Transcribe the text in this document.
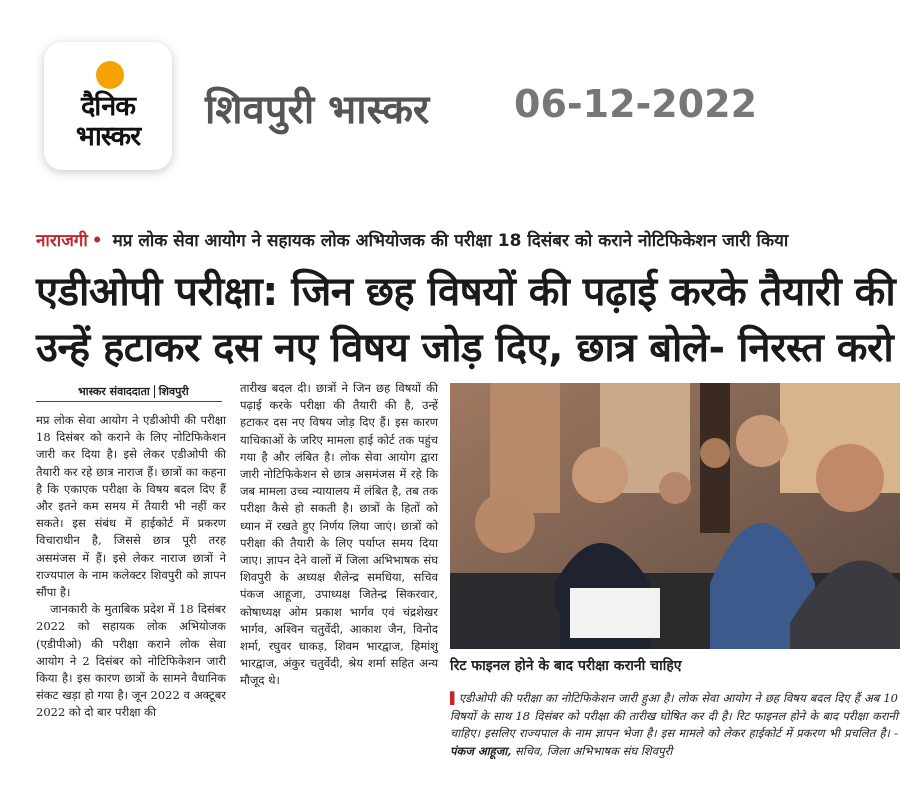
दैनिक
भास्कर
शिवपुरी भास्कर 06-12-2022
नाराजगी • मप्र लोक सेवा आयोग ने सहायक लोक अभियोजक की परीक्षा 18 दिसंबर को कराने नोटिफिकेशन जारी किया
एडीओपी परीक्षा: जिन छह विषयों की पढ़ाई करके तैयारी की
उन्हें हटाकर दस नए विषय जोड़ दिए, छात्र बोले- निरस्त करो
भास्कर संवाददाता शिवपुरी

मप्र लोक सेवा आयोग ने एडीओपी की परीक्षा 18 दिसंबर को कराने के लिए नोटिफिकेशन जारी कर दिया है। इसे लेकर एडीओपी की तैयारी कर रहे छात्र नाराज हैं। छात्रों का कहना है कि एकाएक परीक्षा के विषय बदल दिए हैं और इतने कम समय में तैयारी भी नहीं कर सकते। इस संबंध में हाईकोर्ट में प्रकरण विचाराधीन है, जिससे छात्र पूरी तरह असमंजस में हैं। इसे लेकर नाराज छात्रों ने राज्यपाल के नाम कलेक्टर शिवपुरी को ज्ञापन सौंपा है।

जानकारी के मुताबिक प्रदेश में 18 दिसंबर 2022 को सहायक लोक अभियोजक (एडीपीओ) की परीक्षा कराने लोक सेवा आयोग ने 2 दिसंबर को नोटिफिकेशन जारी किया है। इस कारण छात्रों के सामने वैधानिक संकट खड़ा हो गया है। जून 2022 व अक्टूबर 2022 को दो बार परीक्षा की

तारीख बदल दी। छात्रों ने जिन छह विषयों की पढ़ाई करके परीक्षा की तैयारी की है, उन्हें हटाकर दस नए विषय जोड़ दिए हैं। इस कारण याचिकाओं के जरिए मामला हाई कोर्ट तक पहुंच गया है और लंबित है। लोक सेवा आयोग द्वारा जारी नोटिफिकेशन से छात्र असमंजस में रहे कि जब मामला उच्च न्यायालय में लंबित है, तब तक परीक्षा कैसे हो सकती है। छात्रों के हितों को ध्यान में रखते हुए निर्णय लिया जाएं। छात्रों को परीक्षा की तैयारी के लिए पर्याप्त समय दिया जाए। ज्ञापन देने वालों में जिला अभिभाषक संघ शिवपुरी के अध्यक्ष शैलेन्द्र समधिया, सचिव पंकज आहूजा, उपाध्यक्ष जितेन्द्र सिकरवार, कोषाध्यक्ष ओम प्रकाश भार्गव एवं चंद्रशेखर भार्गव, अश्विन चतुर्वेदी, आकाश जैन, विनोद शर्मा, रघुवर धाकड़, शिवम भारद्वाज, हिमांशु भारद्वाज, अंकुर चतुर्वेदी, श्रेय शर्मा सहित अन्य मौजूद थे।

रिट फाइनल होने के बाद परीक्षा करानी चाहिए
▌एडीओपी की परीक्षा का नोटिफिकेशन जारी हुआ है। लोक सेवा आयोग ने छह विषय बदल दिए हैं अब 10 विषयों के साथ 18 दिसंबर को परीक्षा की तारीख घोषित कर दी है। रिट फाइनल होने के बाद परीक्षा करानी चाहिए। इसलिए राज्यपाल के नाम ज्ञापन भेजा है। इस मामले को लेकर हाईकोर्ट में प्रकरण भी प्रचलित है। - पंकज आहूजा, सचिव, जिला अभिभाषक संघ शिवपुरी
